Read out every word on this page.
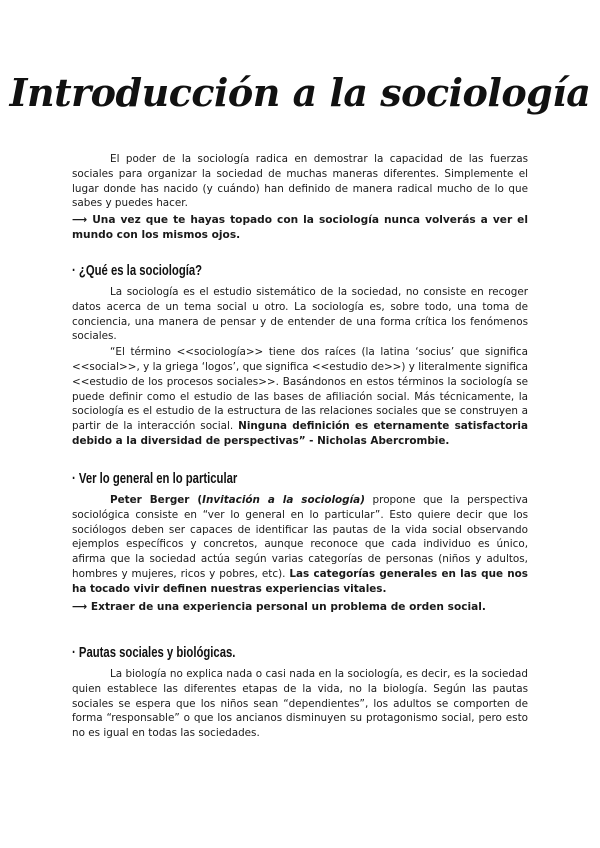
Introducción a la sociología

El poder de la sociología radica en demostrar la capacidad de las fuerzas sociales para organizar la sociedad de muchas maneras diferentes. Simplemente el lugar donde has nacido (y cuándo) han definido de manera radical mucho de lo que sabes y puedes hacer.

⟶ Una vez que te hayas topado con la sociología nunca volverás a ver el mundo con los mismos ojos.

· ¿Qué es la sociología?

La sociología es el estudio sistemático de la sociedad, no consiste en recoger datos acerca de un tema social u otro. La sociología es, sobre todo, una toma de conciencia, una manera de pensar y de entender de una forma crítica los fenómenos sociales.

“El término <<sociología>> tiene dos raíces (la latina ‘socius’ que significa <<social>>, y la griega ‘logos’, que significa <<estudio de>>) y literalmente significa <<estudio de los procesos sociales>>. Basándonos en estos términos la sociología se puede definir como el estudio de las bases de afiliación social. Más técnicamente, la sociología es el estudio de la estructura de las relaciones sociales que se construyen a partir de la interacción social. Ninguna definición es eternamente satisfactoria debido a la diversidad de perspectivas” - Nicholas Abercrombie.

· Ver lo general en lo particular

Peter Berger (Invitación a la sociología) propone que la perspectiva sociológica consiste en “ver lo general en lo particular”. Esto quiere decir que los sociólogos deben ser capaces de identificar las pautas de la vida social observando ejemplos específicos y concretos, aunque reconoce que cada individuo es único, afirma que la sociedad actúa según varias categorías de personas (niños y adultos, hombres y mujeres, ricos y pobres, etc). Las categorías generales en las que nos ha tocado vivir definen nuestras experiencias vitales.

⟶ Extraer de una experiencia personal un problema de orden social.

· Pautas sociales y biológicas.

La biología no explica nada o casi nada en la sociología, es decir, es la sociedad quien establece las diferentes etapas de la vida, no la biología. Según las pautas sociales se espera que los niños sean “dependientes”, los adultos se comporten de forma “responsable” o que los ancianos disminuyen su protagonismo social, pero esto no es igual en todas las sociedades.
